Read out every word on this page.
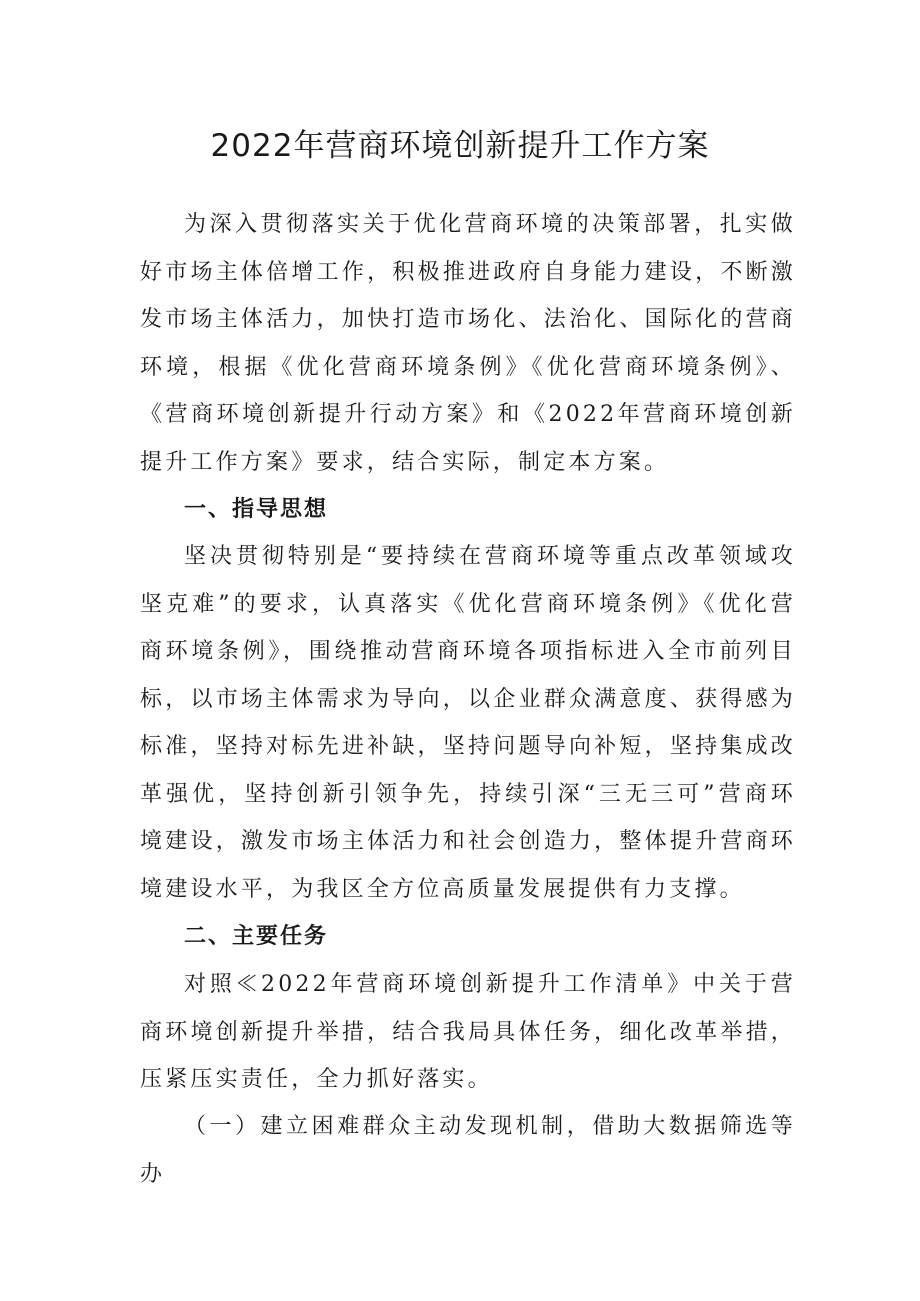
2022年营商环境创新提升工作方案

为深入贯彻落实关于优化营商环境的决策部署，扎实做好市场主体倍增工作，积极推进政府自身能力建设，不断激发市场主体活力，加快打造市场化、法治化、国际化的营商环境，根据《优化营商环境条例》《优化营商环境条例》、《营商环境创新提升行动方案》和《2022年营商环境创新提升工作方案》要求，结合实际，制定本方案。

一、指导思想

坚决贯彻特别是“要持续在营商环境等重点改革领域攻坚克难”的要求，认真落实《优化营商环境条例》《优化营商环境条例》，围绕推动营商环境各项指标进入全市前列目标，以市场主体需求为导向，以企业群众满意度、获得感为标准，坚持对标先进补缺，坚持问题导向补短，坚持集成改革强优，坚持创新引领争先，持续引深“三无三可”营商环境建设，激发市场主体活力和社会创造力，整体提升营商环境建设水平，为我区全方位高质量发展提供有力支撑。

二、主要任务

对照≪2022年营商环境创新提升工作清单》中关于营商环境创新提升举措，结合我局具体任务，细化改革举措，压紧压实责任，全力抓好落实。

（一）建立困难群众主动发现机制，借助大数据筛选等办
